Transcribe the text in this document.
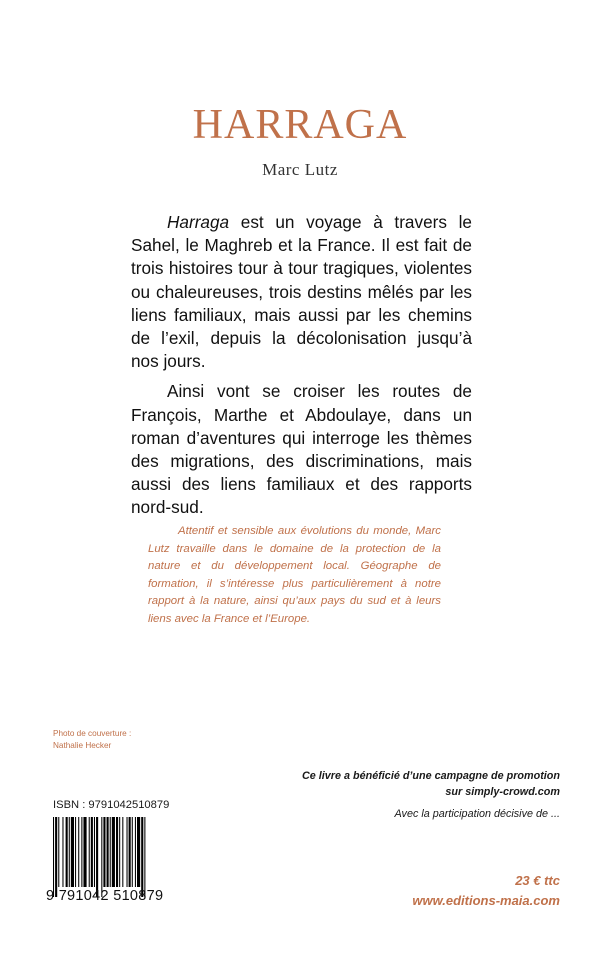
HARRAGA
Marc Lutz

Harraga est un voyage à travers le Sahel, le Maghreb et la France. Il est fait de trois histoires tour à tour tragiques, violentes ou chaleureuses, trois destins mêlés par les liens familiaux, mais aussi par les chemins de l’exil, depuis la décolonisation jusqu’à nos jours.

Ainsi vont se croiser les routes de François, Marthe et Abdoulaye, dans un roman d’aventures qui interroge les thèmes des migrations, des discriminations, mais aussi des liens familiaux et des rapports nord-sud.

Attentif et sensible aux évolutions du monde, Marc Lutz travaille dans le domaine de la protection de la nature et du développement local. Géographe de formation, il s’intéresse plus particulièrement à notre rapport à la nature, ainsi qu’aux pays du sud et à leurs liens avec la France et l’Europe.
Photo de couverture :
Nathalie Hecker
Ce livre a bénéficié d’une campagne de promotion
sur simply-crowd.com
Avec la participation décisive de ...
ISBN : 9791042510879
9 791042 510879
23 € ttc
www.editions-maia.com
